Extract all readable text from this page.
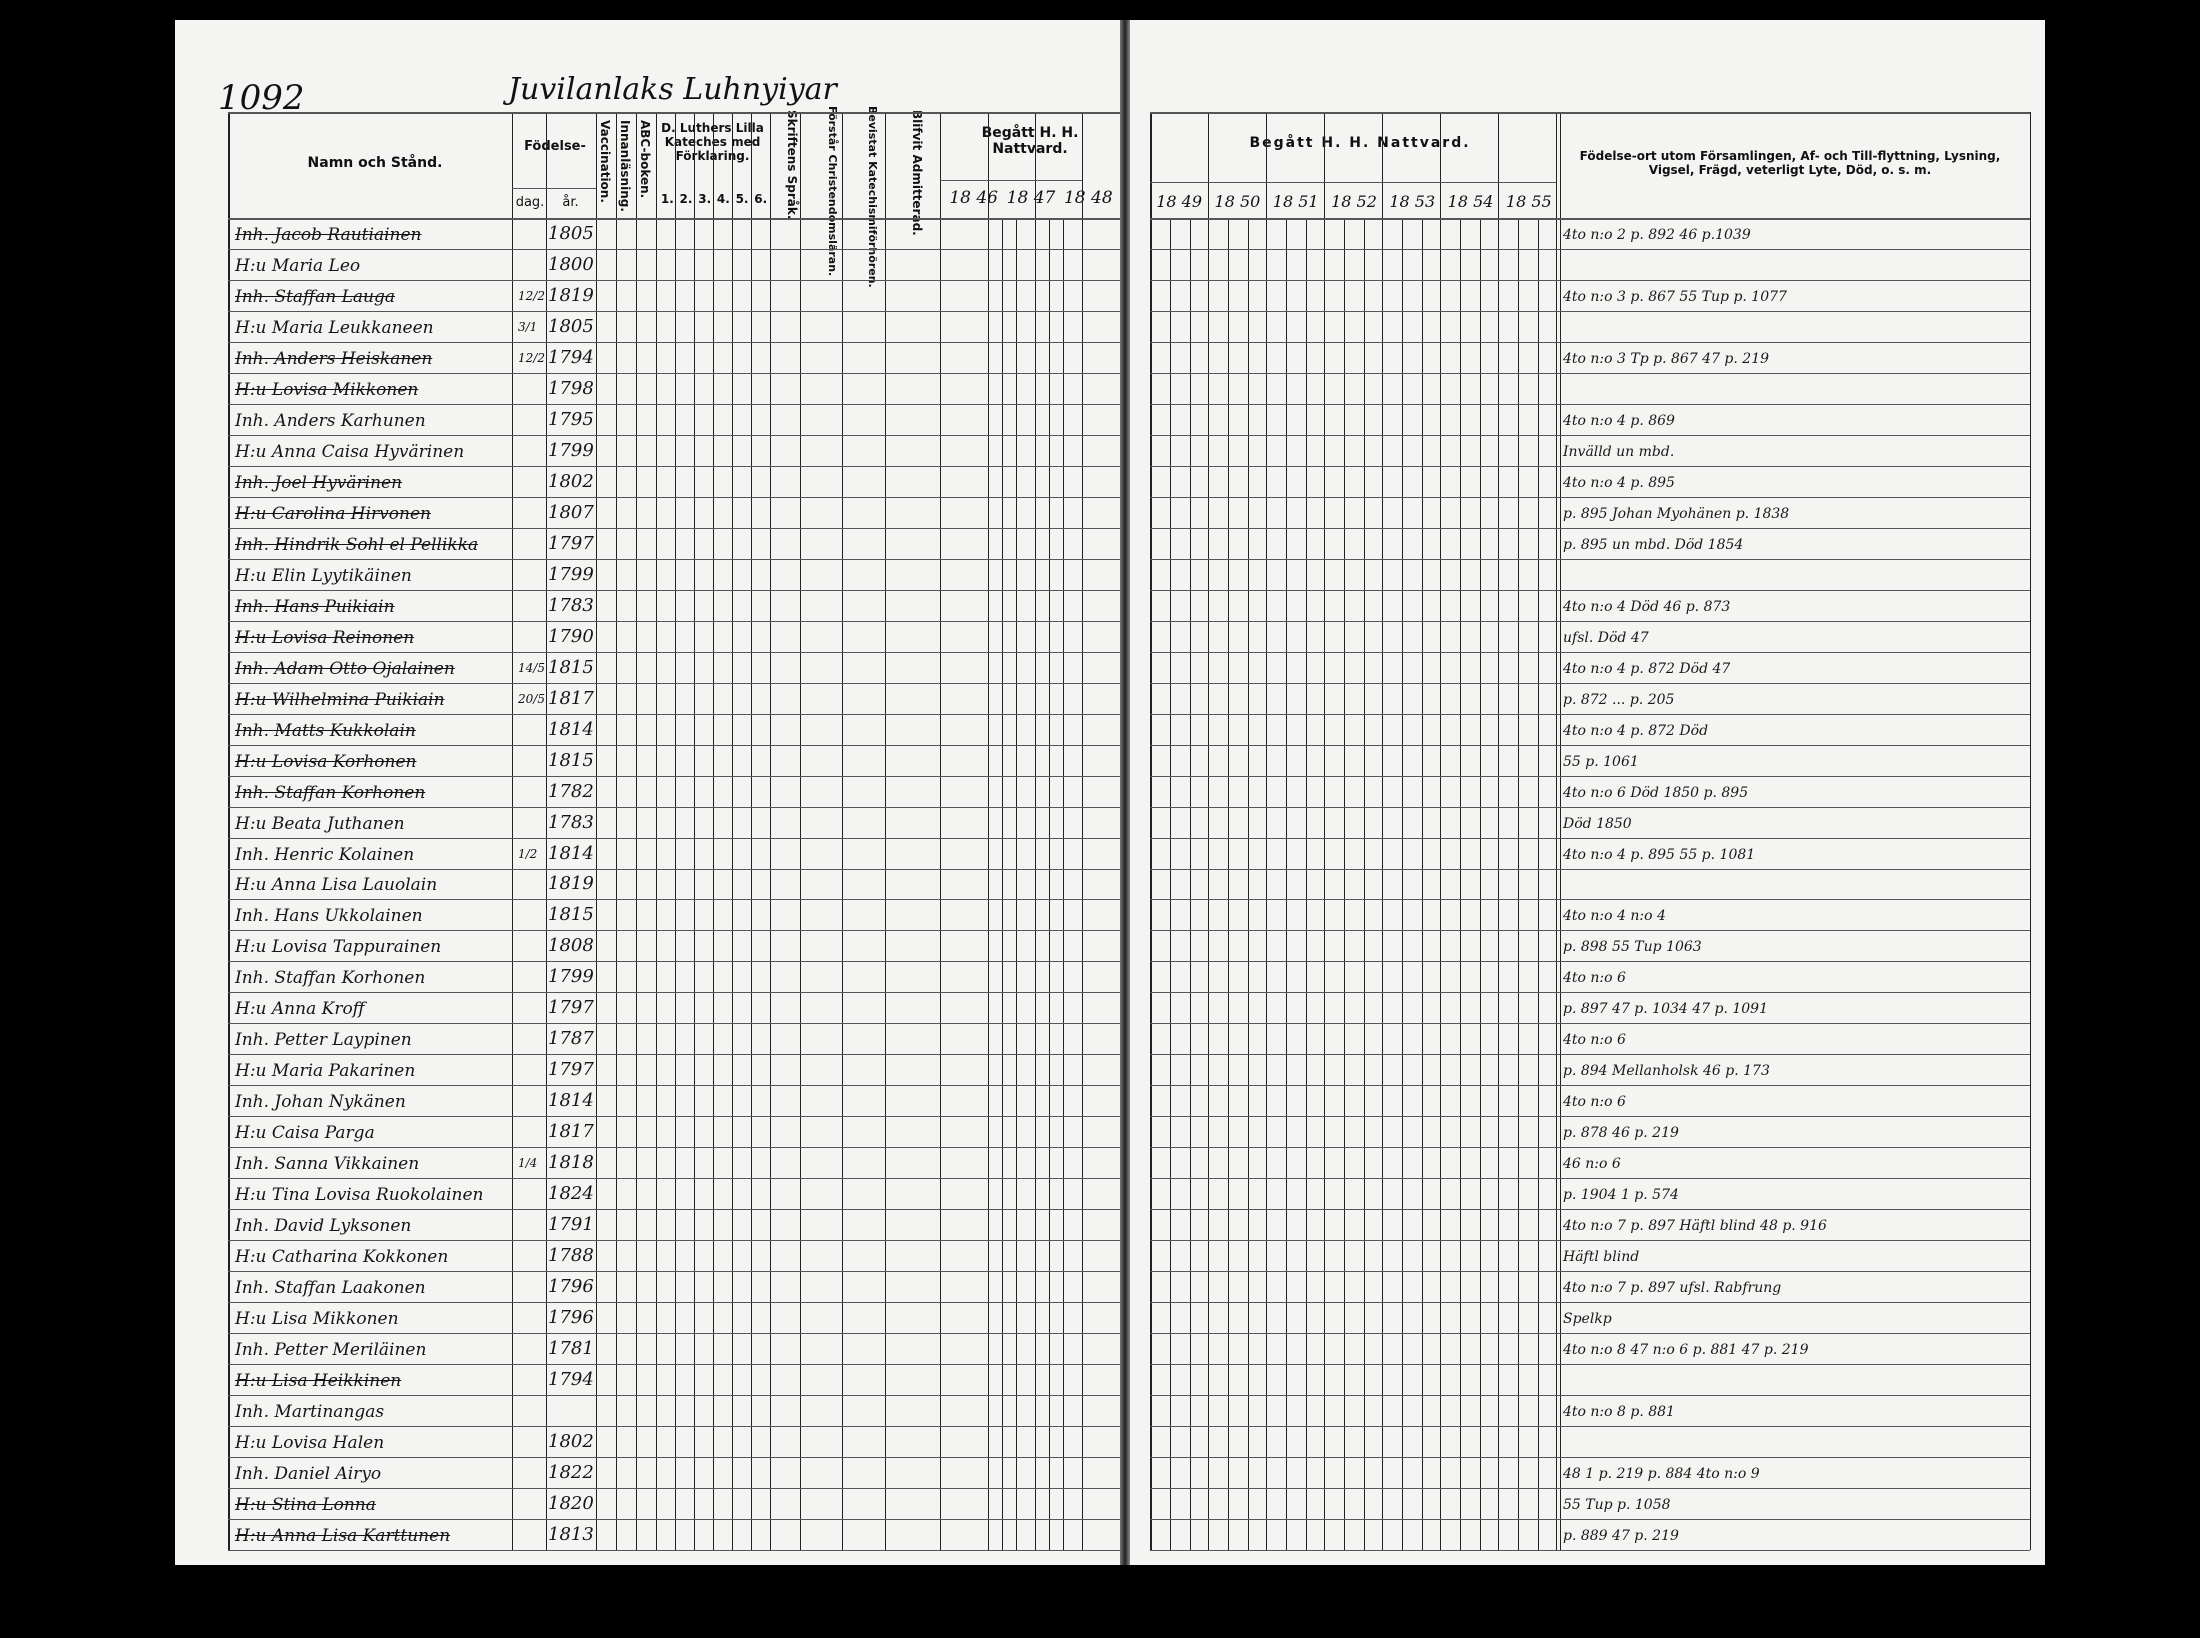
1092	Juvilanlaks Luhnyiyar
Namn och Stånd.
Födelse-
dag.	år.	Vaccination. Innanläsning. ABC-boken. D. Luthers Lilla Kateches med Förklaring.
1. 2. 3. 4. 5. 6. Skriftens Språk. Förstår Christendomsläran. Bevistat Katechismiförhören.	Blifvit Admitterad.	Begått H. H. Nattvard.
18 46 18 47 18 48
Begått H. H. Nattvard.
18 49 18 50 18 51 18 52 18 53 18 54 18 55
Födelse-ort utom Församlingen, Af- och Till-flyttning, Lysning, Vigsel, Frägd, veterligt Lyte, Död, o. s. m.
Inh. Jacob Rautiainen	1805	4to n:o 2 p. 892 46 p.1039
H:u Maria Leo	1800
Inh. Staffan Lauga	12/2 1819	4to n:o 3 p. 867 55 Tup p. 1077
H:u Maria Leukkaneen	3/1 1805
Inh. Anders Heiskanen	12/2 1794	4to n:o 3 Tp p. 867 47 p. 219
H:u Lovisa Mikkonen	1798
Inh. Anders Karhunen	1795	4to n:o 4 p. 869
H:u Anna Caisa Hyvärinen	1799	Invälld un mbd.
Inh. Joel Hyvärinen	1802	4to n:o 4 p. 895
H:u Carolina Hirvonen	1807	p. 895 Johan Myohänen p. 1838
Inh. Hindrik Sohl el Pellikka	1797	p. 895 un mbd. Död 1854
H:u Elin Lyytikäinen	1799
Inh. Hans Puikiain	1783	4to n:o 4 Död 46 p. 873
H:u Lovisa Reinonen	1790	ufsl. Död 47
Inh. Adam Otto Ojalainen	14/5 1815	4to n:o 4 p. 872 Död 47
H:u Wilhelmina Puikiain	20/5 1817	p. 872 ... p. 205
Inh. Matts Kukkolain	1814	4to n:o 4 p. 872 Död
H:u Lovisa Korhonen	1815	55 p. 1061
Inh. Staffan Korhonen	1782	4to n:o 6 Död 1850 p. 895
H:u Beata Juthanen	1783	Död 1850
Inh. Henric Kolainen	1/2 1814	4to n:o 4 p. 895 55 p. 1081
H:u Anna Lisa Lauolain	1819
Inh. Hans Ukkolainen	1815	4to n:o 4 n:o 4
H:u Lovisa Tappurainen	1808	p. 898 55 Tup 1063
Inh. Staffan Korhonen	1799	4to n:o 6
H:u Anna Kroff	1797	p. 897 47 p. 1034 47 p. 1091
Inh. Petter Laypinen	1787	4to n:o 6
H:u Maria Pakarinen	1797	p. 894 Mellanholsk 46 p. 173
Inh. Johan Nykänen	1814	4to n:o 6
H:u Caisa Parga	1817	p. 878 46 p. 219
Inh. Sanna Vikkainen	1/4 1818	46 n:o 6
H:u Tina Lovisa Ruokolainen	1824	p. 1904 1 p. 574
Inh. David Lyksonen	1791	4to n:o 7 p. 897 Häftl blind 48 p. 916
H:u Catharina Kokkonen	1788	Häftl blind
Inh. Staffan Laakonen	1796	4to n:o 7 p. 897 ufsl. Rabfrung
H:u Lisa Mikkonen	1796	Spelkp
Inh. Petter Meriläinen	1781	4to n:o 8 47 n:o 6 p. 881 47 p. 219
H:u Lisa Heikkinen	1794
Inh. Martinangas	4to n:o 8 p. 881
H:u Lovisa Halen	1802
Inh. Daniel Airyo	1822	48 1 p. 219 p. 884 4to n:o 9
H:u Stina Lonna	1820	55 Tup p. 1058
H:u Anna Lisa Karttunen	1813	p. 889 47 p. 219
